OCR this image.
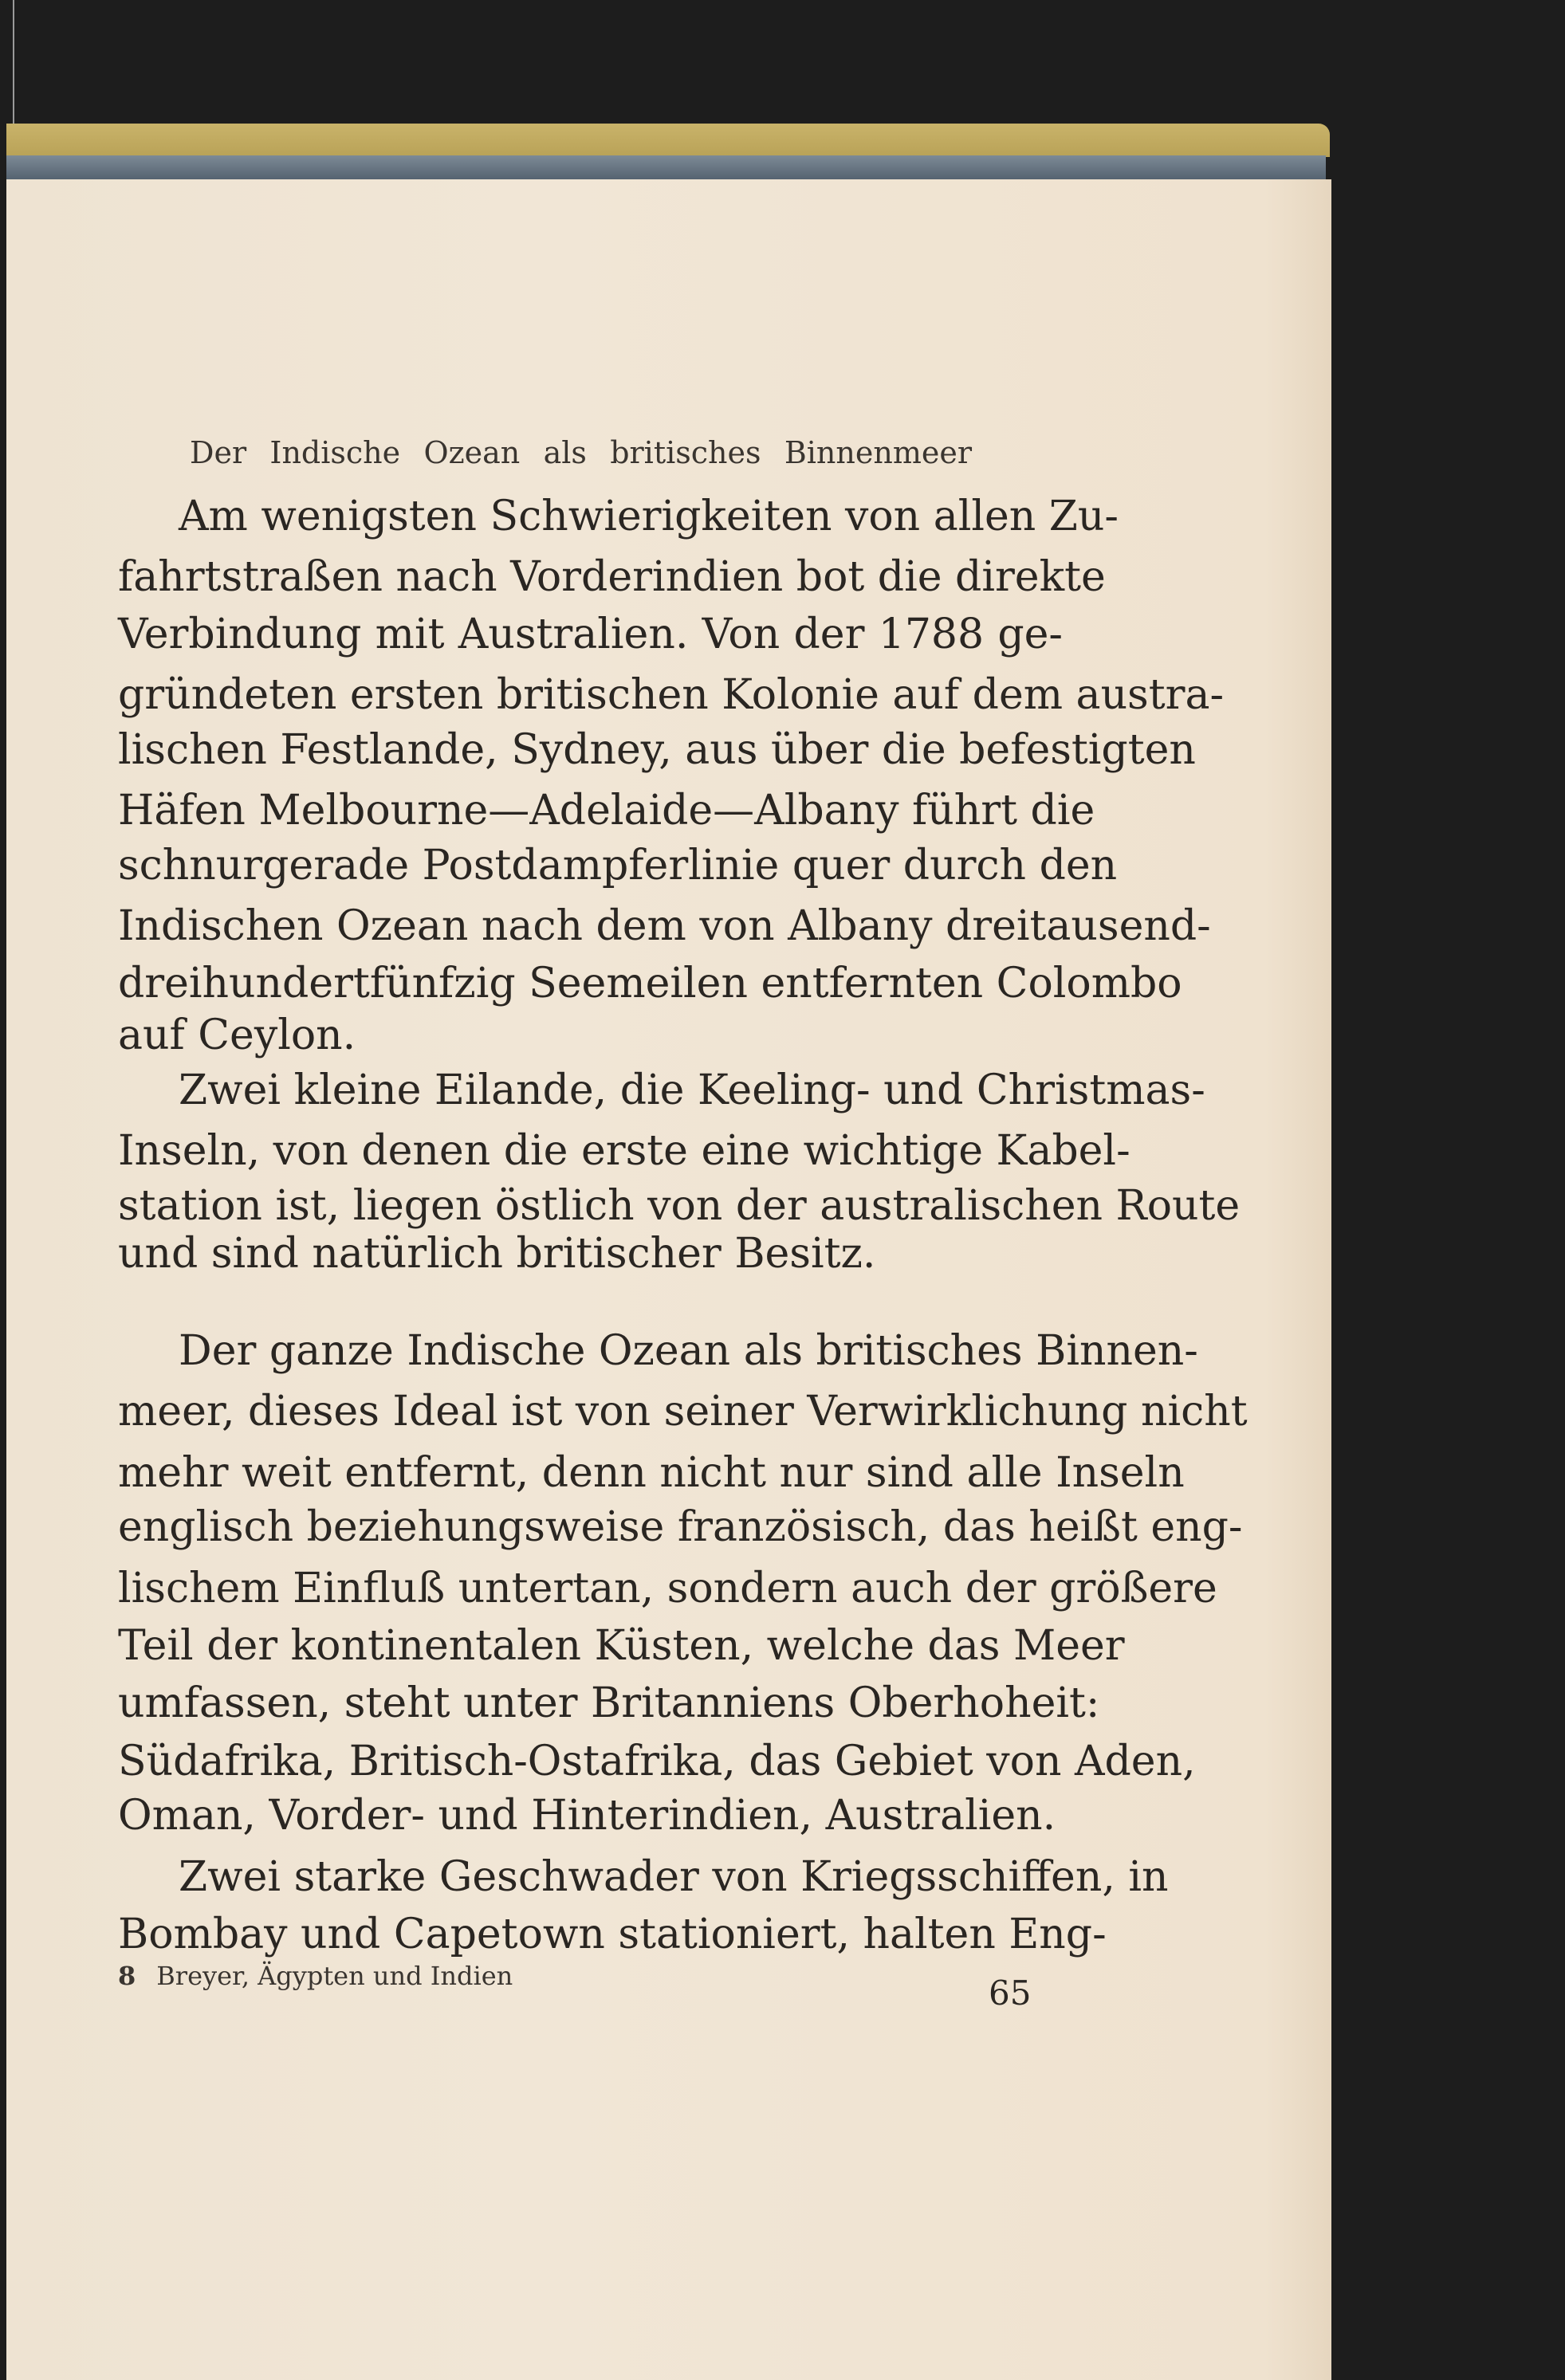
Der Indische Ozean als britisches Binnenmeer
Am wenigsten Schwierigkeiten von allen Zu-
fahrtstraßen nach Vorderindien bot die direkte
Verbindung mit Australien. Von der 1788 ge-
gründeten ersten britischen Kolonie auf dem austra-
lischen Festlande, Sydney, aus über die befestigten
Häfen Melbourne—Adelaide—Albany führt die
schnurgerade Postdampferlinie quer durch den
Indischen Ozean nach dem von Albany dreitausend-
dreihundertfünfzig Seemeilen entfernten Colombo
auf Ceylon.
Zwei kleine Eilande, die Keeling- und Christmas-
Inseln, von denen die erste eine wichtige Kabel-
station ist, liegen östlich von der australischen Route
und sind natürlich britischer Besitz.
Der ganze Indische Ozean als britisches Binnen-
meer, dieses Ideal ist von seiner Verwirklichung nicht
mehr weit entfernt, denn nicht nur sind alle Inseln
englisch beziehungsweise französisch, das heißt eng-
lischem Einfluß untertan, sondern auch der größere
Teil der kontinentalen Küsten, welche das Meer
umfassen, steht unter Britanniens Oberhoheit:
Südafrika, Britisch-Ostafrika, das Gebiet von Aden,
Oman, Vorder- und Hinterindien, Australien.
Zwei starke Geschwader von Kriegsschiffen, in
Bombay und Capetown stationiert, halten Eng-
8 Breyer, Ägypten und Indien	65
